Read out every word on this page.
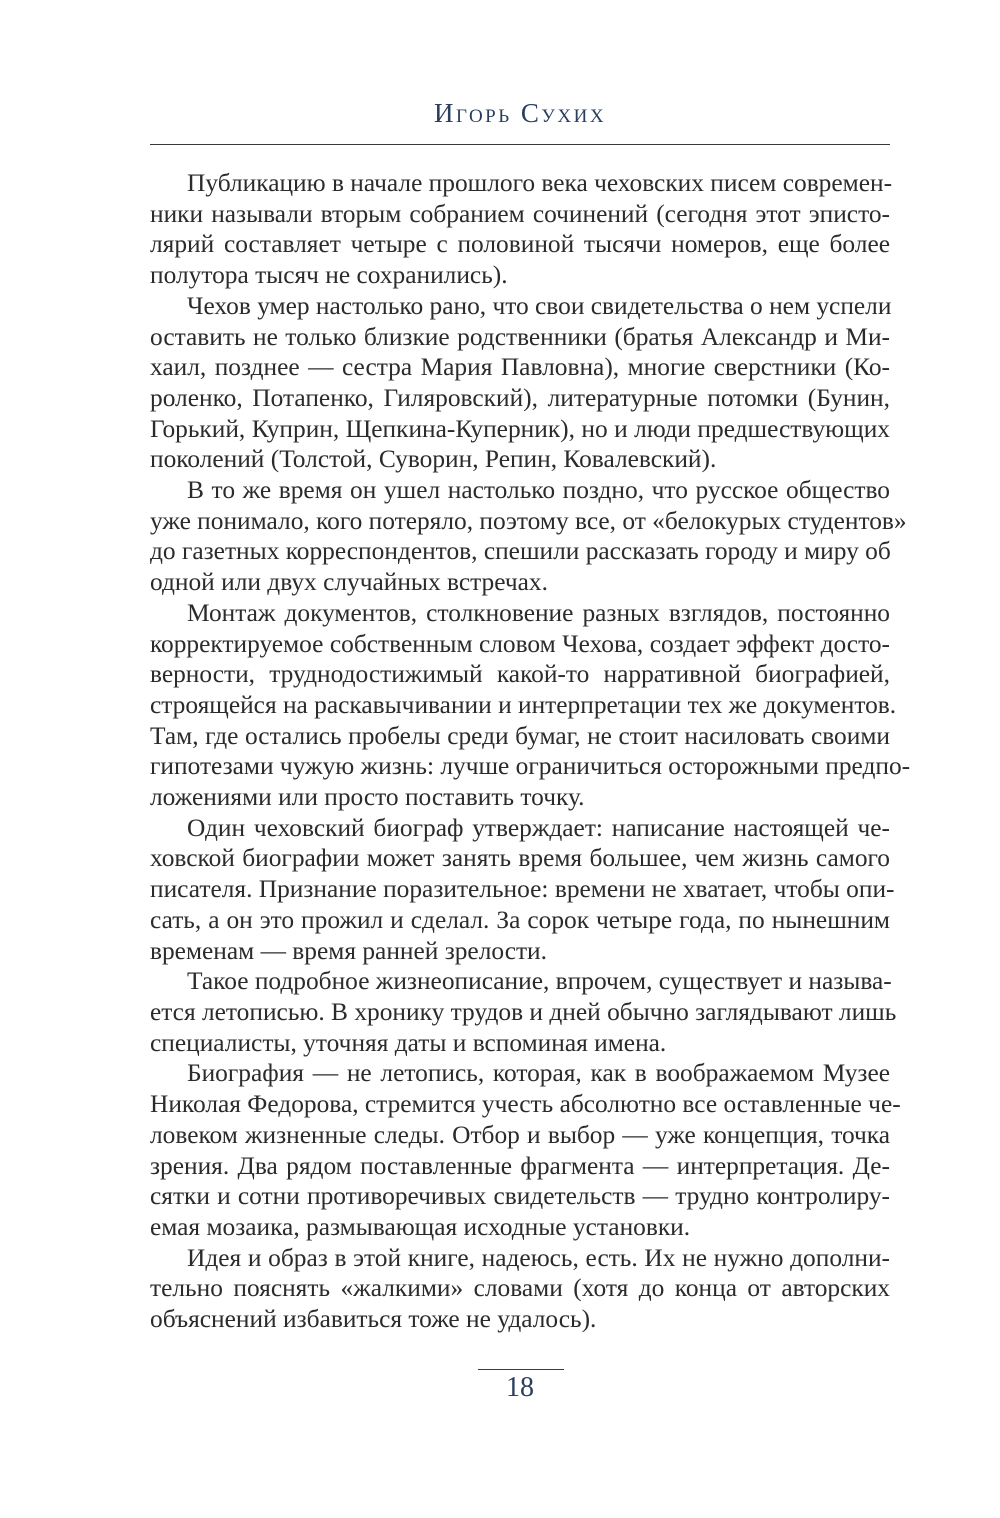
Игорь Сухих

Публикацию в начале прошлого века чеховских писем современ-
ники называли вторым собранием сочинений (сегодня этот эписто-
лярий составляет четыре с половиной тысячи номеров, еще более
полутора тысяч не сохранились).

Чехов умер настолько рано, что свои свидетельства о нем успели
оставить не только близкие родственники (братья Александр и Ми-
хаил, позднее — сестра Мария Павловна), многие сверстники (Ко-
роленко, Потапенко, Гиляровский), литературные потомки (Бунин,
Горький, Куприн, Щепкина-Куперник), но и люди предшествующих
поколений (Толстой, Суворин, Репин, Ковалевский).

В то же время он ушел настолько поздно, что русское общество
уже понимало, кого потеряло, поэтому все, от «белокурых студентов»
до газетных корреспондентов, спешили рассказать городу и миру об
одной или двух случайных встречах.

Монтаж документов, столкновение разных взглядов, постоянно
корректируемое собственным словом Чехова, создает эффект досто-
верности, труднодостижимый какой-то нарративной биографией,
строящейся на раскавычивании и интерпретации тех же документов.
Там, где остались пробелы среди бумаг, не стоит насиловать своими
гипотезами чужую жизнь: лучше ограничиться осторожными предпо-
ложениями или просто поставить точку.

Один чеховский биограф утверждает: написание настоящей че-
ховской биографии может занять время большее, чем жизнь самого
писателя. Признание поразительное: времени не хватает, чтобы опи-
сать, а он это прожил и сделал. За сорок четыре года, по нынешним
временам — время ранней зрелости.

Такое подробное жизнеописание, впрочем, существует и называ-
ется летописью. В хронику трудов и дней обычно заглядывают лишь
специалисты, уточняя даты и вспоминая имена.

Биография — не летопись, которая, как в воображаемом Музее
Николая Федорова, стремится учесть абсолютно все оставленные че-
ловеком жизненные следы. Отбор и выбор — уже концепция, точка
зрения. Два рядом поставленные фрагмента — интерпретация. Де-
сятки и сотни противоречивых свидетельств — трудно контролиру-
емая мозаика, размывающая исходные установки.

Идея и образ в этой книге, надеюсь, есть. Их не нужно дополни-
тельно пояснять «жалкими» словами (хотя до конца от авторских
объяснений избавиться тоже не удалось).

18
